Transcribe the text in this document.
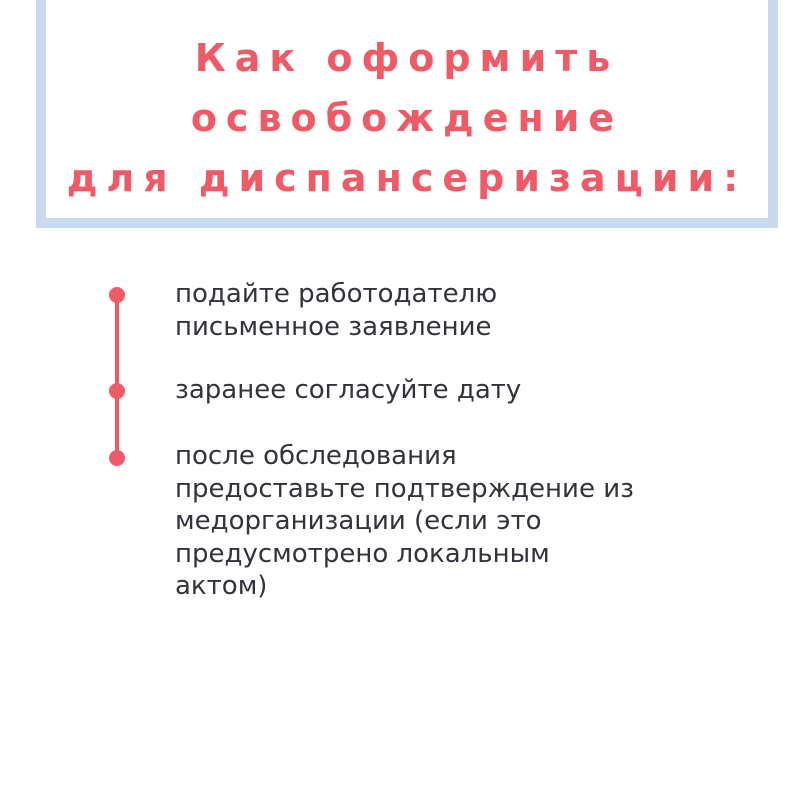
Как оформить
освобождение
для диспансеризации:
подайте работодателю
письменное заявление
заранее согласуйте дату
после обследования
предоставьте подтверждение из
медорганизации (если это
предусмотрено локальным
актом)
